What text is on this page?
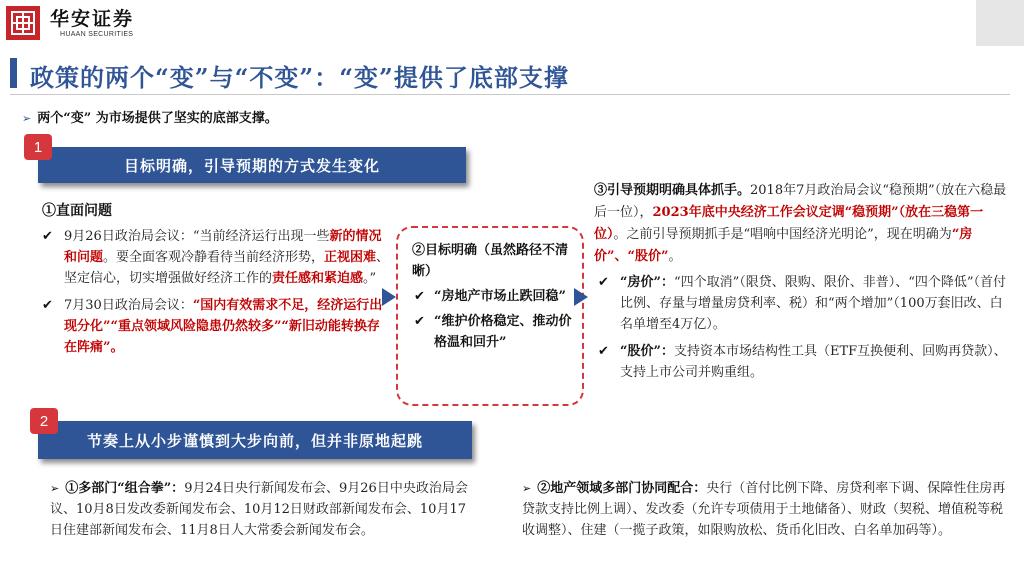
华安证券
HUAAN SECURITIES
政策的两个“变”与“不变”：“变”提供了底部支撑
➢ 两个“变” 为市场提供了坚实的底部支撑。
目标明确，引导预期的方式发生变化
1
①直面问题
✔ 9月26日政治局会议：“当前经济运行出现一些新的情况和问题。要全面客观冷静看待当前经济形势，正视困难、坚定信心，切实增强做好经济工作的责任感和紧迫感。”
✔ 7月30日政治局会议：“国内有效需求不足，经济运行出现分化”“重点领域风险隐患仍然较多”“新旧动能转换存在阵痛”。
②目标明确（虽然路径不清晰）
✔ “房地产市场止跌回稳”
✔ “维护价格稳定、推动价格温和回升”
③引导预期明确具体抓手。2018年7月政治局会议“稳预期”（放在六稳最后一位），2023年底中央经济工作会议定调“稳预期”（放在三稳第一位）。之前引导预期抓手是“唱响中国经济光明论”，现在明确为“房价”、“股价”。
✔ “房价”：“四个取消”（限贷、限购、限价、非普）、“四个降低”（首付比例、存量与增量房贷利率、税）和“两个增加”（100万套旧改、白名单增至4万亿）。
✔ “股价”：支持资本市场结构性工具（ETF互换便利、回购再贷款）、支持上市公司并购重组。
节奏上从小步谨慎到大步向前，但并非原地起跳
2
➢ ①多部门“组合拳”：9月24日央行新闻发布会、9月26日中央政治局会议、10月8日发改委新闻发布会、10月12日财政部新闻发布会、10月17日住建部新闻发布会、11月8日人大常委会新闻发布会。
➢ ②地产领域多部门协同配合：央行（首付比例下降、房贷利率下调、保障性住房再贷款支持比例上调）、发改委（允许专项债用于土地储备）、财政（契税、增值税等税收调整）、住建（一揽子政策，如限购放松、货币化旧改、白名单加码等）。
